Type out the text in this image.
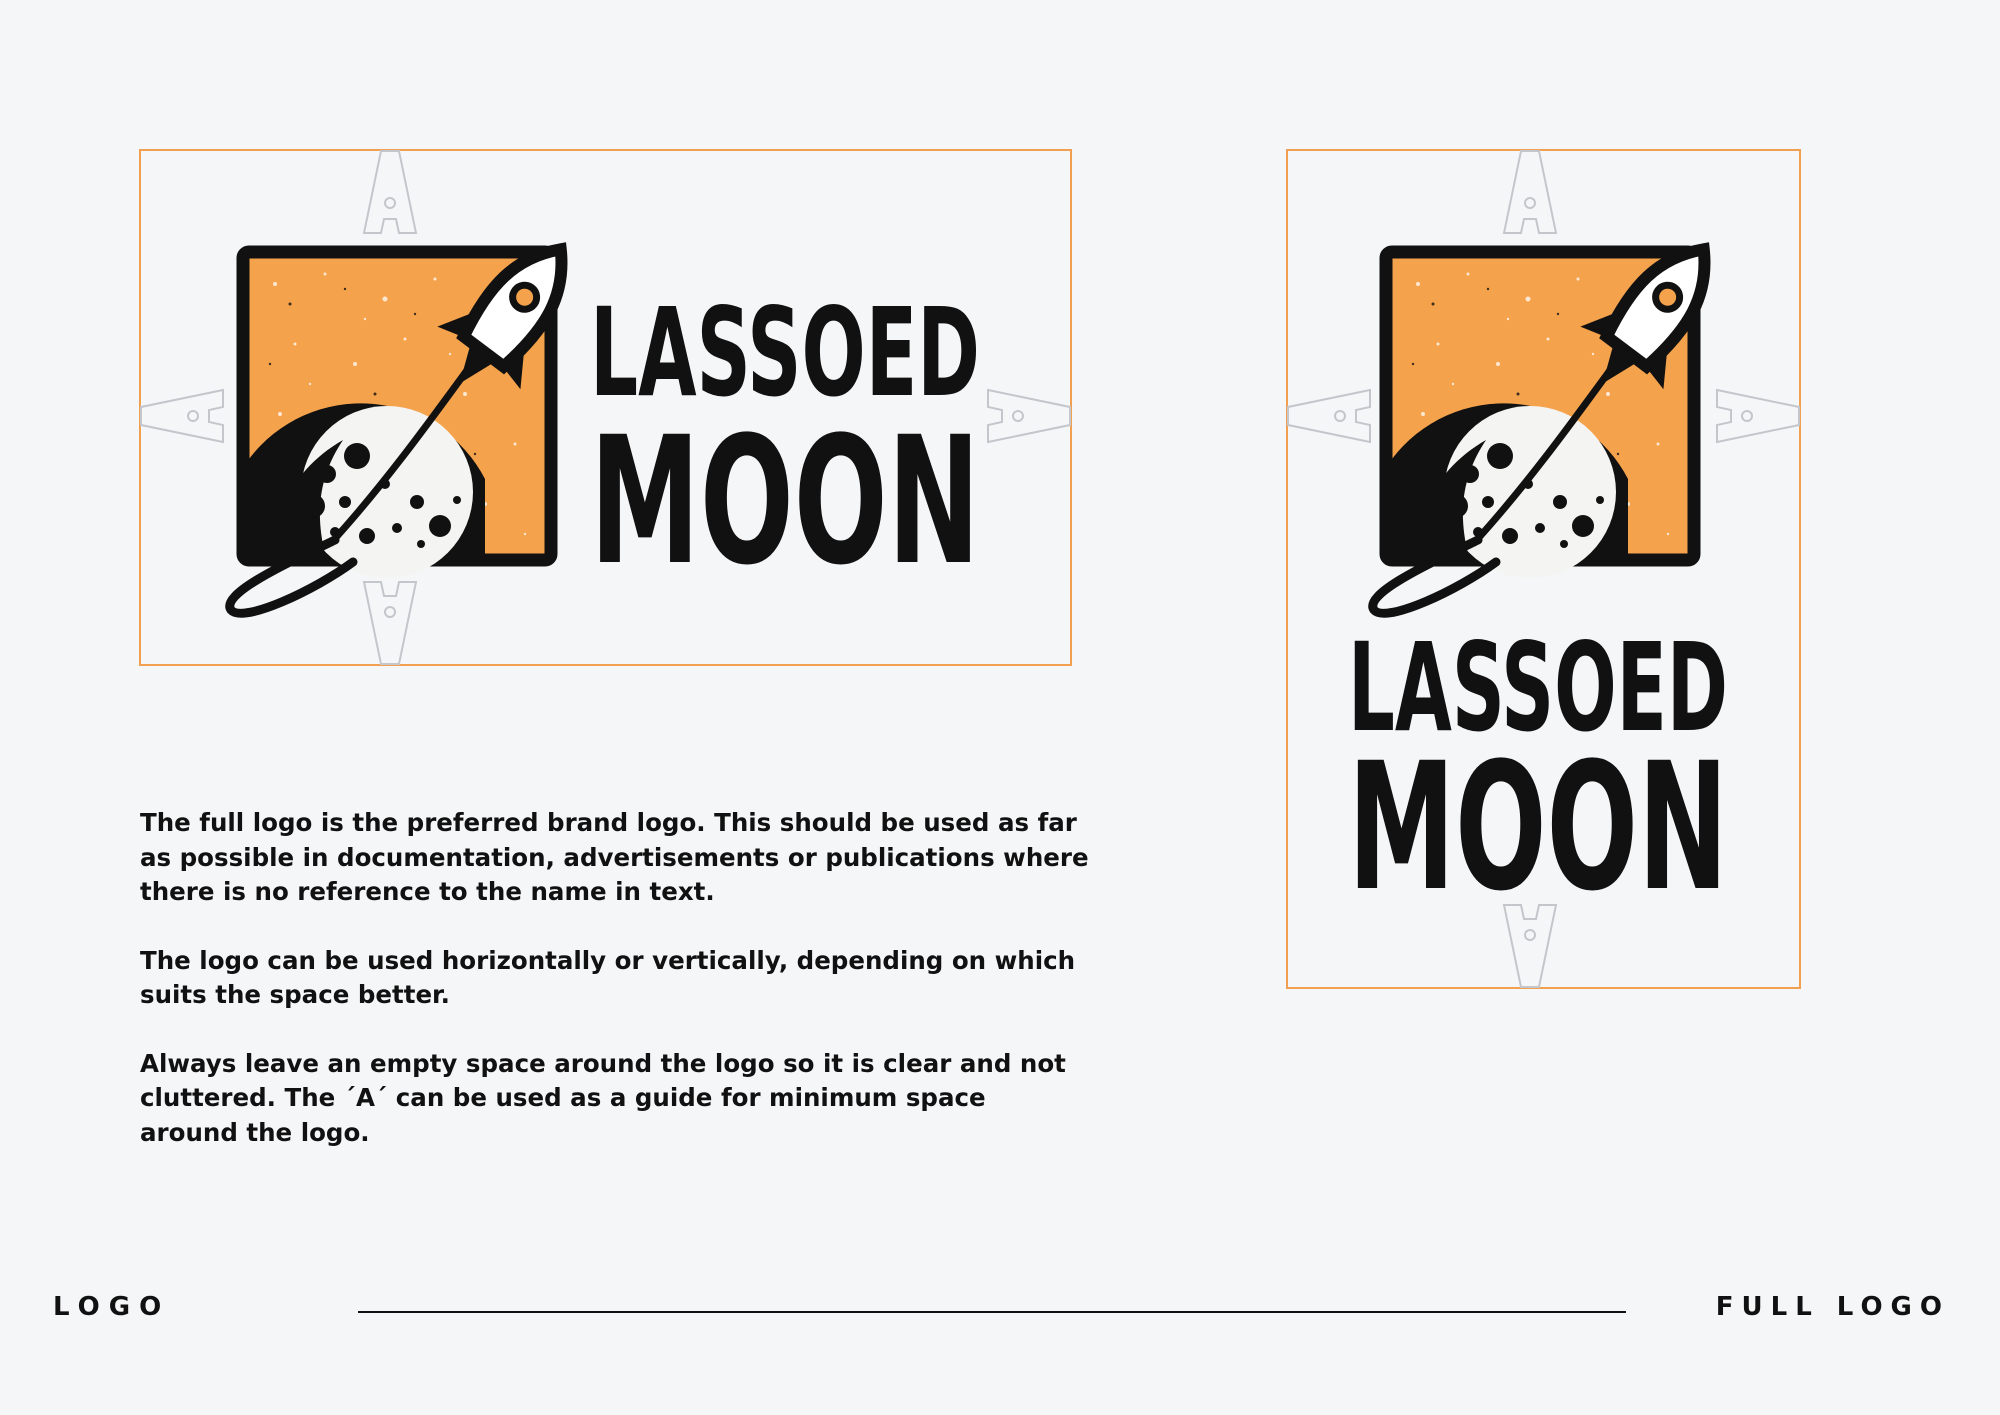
LASSOED
MOON
LASSOED
MOON

The full logo is the preferred brand logo. This should be used as far as possible in documentation, advertisements or publications where there is no reference to the name in text.

The logo can be used horizontally or vertically, depending on which suits the space better.

Always leave an empty space around the logo so it is clear and not cluttered. The ´A´ can be used as a guide for minimum space around the logo.

LOGO	FULL LOGO
